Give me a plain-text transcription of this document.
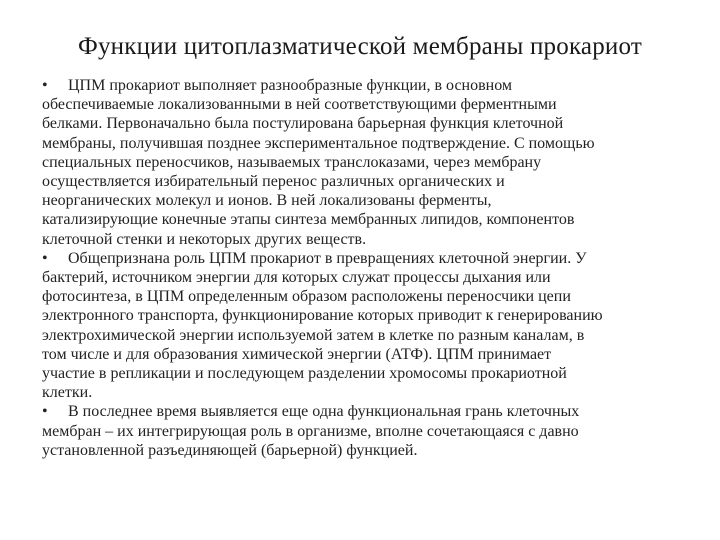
Функции цитоплазматической мембраны прокариот
• ЦПМ прокариот выполняет разнообразные функции, в основном
обеспечиваемые локализованными в ней соответствующими ферментными
белками. Первоначально была постулирована барьерная функция клеточной
мембраны, получившая позднее экспериментальное подтверждение. С помощью
специальных переносчиков, называемых транслоказами, через мембрану
осуществляется избирательный перенос различных органических и
неорганических молекул и ионов. В ней локализованы ферменты,
катализирующие конечные этапы синтеза мембранных липидов, компонентов
клеточной стенки и некоторых других веществ.
• Общепризнана роль ЦПМ прокариот в превращениях клеточной энергии. У
бактерий, источником энергии для которых служат процессы дыхания или
фотосинтеза, в ЦПМ определенным образом расположены переносчики цепи
электронного транспорта, функционирование которых приводит к генерированию
электрохимической энергии используемой затем в клетке по разным каналам, в
том числе и для образования химической энергии (АТФ). ЦПМ принимает
участие в репликации и последующем разделении хромосомы прокариотной
клетки.
• В последнее время выявляется еще одна функциональная грань клеточных
мембран – их интегрирующая роль в организме, вполне сочетающаяся с давно
установленной разъединяющей (барьерной) функцией.
